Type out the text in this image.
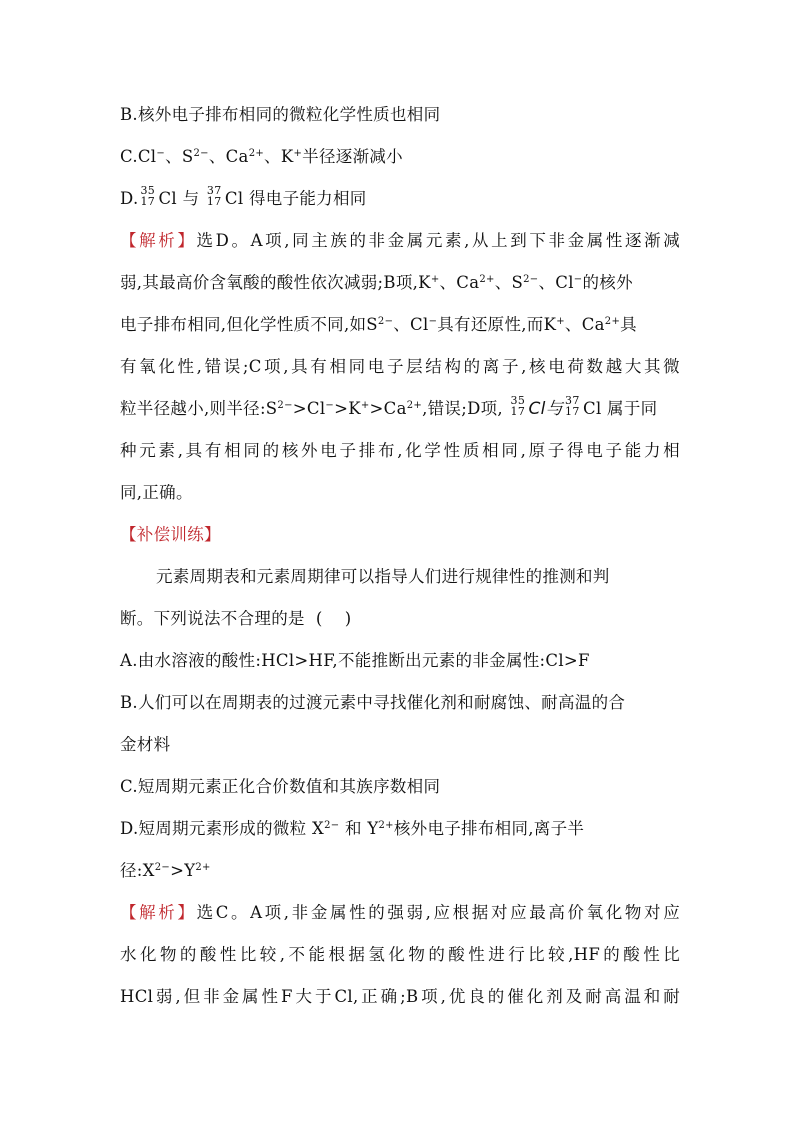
B.核外电子排布相同的微粒化学性质也相同
C.Cl−、$S^{2-}$、$Ca^{2+}$、K+半径逐渐减小
D. 35
17 Cl 与 37
17 Cl 得电子能力相同
【解析】选D。A项,同主族的非金属元素,从上到下非金属性逐渐减
弱,其最高价含氧酸的酸性依次减弱;B项,K+、$Ca^{2+}$、$S^{2-}$、Cl−的核外
电子排布相同,但化学性质不同,如$S^{2-}$、Cl−具有还原性,而K+、$Ca^{2+}$具
有氧化性,错误;C项,具有相同电子层结构的离子,核电荷数越大其微
粒半径越小,则半径$:S^{2-}>Cl^->K^+>Ca^{2+}$,错误;D项, 35
17 Cl与 37
17 Cl 属于同
种元素,具有相同的核外电子排布,化学性质相同,原子得电子能力相
同,正确。
【补偿训练】
元素周期表和元素周期律可以指导人们进行规律性的推测和判
断。下列说法不合理的是  (    )
A.由水溶液的酸性:HCl>HF,不能推断出元素的非金属性:Cl>F
B.人们可以在周期表的过渡元素中寻找催化剂和耐腐蚀、耐高温的合
金材料
C.短周期元素正化合价数值和其族序数相同
D.短周期元素形成的微粒 $X^{2-}$ 和 $Y^{2+}$核外电子排布相同,离子半
径$:X^{2-}>Y^{2+}$
【解析】选C。A项,非金属性的强弱,应根据对应最高价氧化物对应
水化物的酸性比较,不能根据氢化物的酸性进行比较,HF的酸性比
HCl弱,但非金属性F大于Cl,正确;B项,优良的催化剂及耐高温和耐
